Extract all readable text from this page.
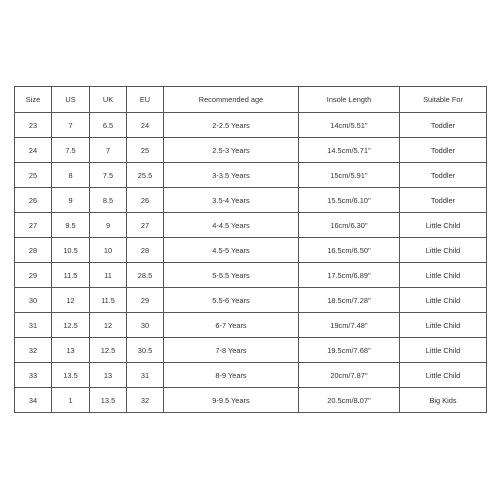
Size	US	UK	EU	Recommended age	Insole Length	Suitable For
23	7	6.5	24	2-2.5 Years	14cm/5.51''	Toddler
24	7.5	7	25	2.5-3 Years	14.5cm/5.71''	Toddler
25	8	7.5	25.5	3-3.5 Years	15cm/5.91''	Toddler
26	9	8.5	26	3.5-4 Years	15.5cm/6.10''	Toddler
27	9.5	9	27	4-4.5 Years	16cm/6.30''	Little Child
28	10.5	10	28	4.5-5 Years	16.5cm/6.50''	Little Child
29	11.5	11	28.5	5-5.5 Years	17.5cm/6.89''	Little Child
30	12	11.5	29	5.5-6 Years	18.5cm/7.28''	Little Child
31	12.5	12	30	6-7 Years	19cm/7.48''	Little Child
32	13	12.5	30.5	7-8 Years	19.5cm/7.68''	Little Child
33	13.5	13	31	8-9 Years	20cm/7.87''	Little Child
34	1	13.5	32	9-9.5 Years	20.5cm/8.07''	Big Kids
